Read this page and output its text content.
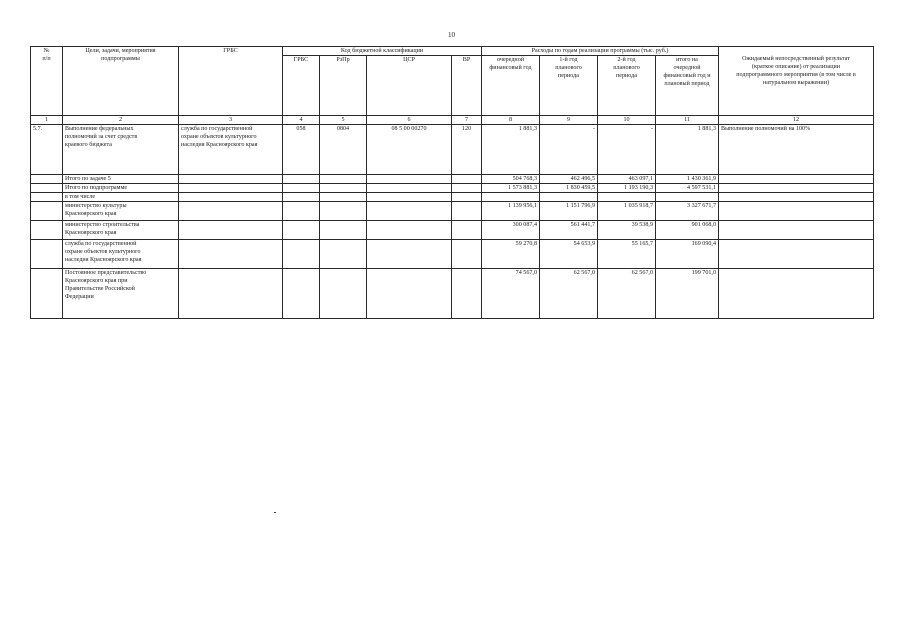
10
№
п/п	Цели, задачи, мероприятия
подпрограммы	ГРБС	Код бюджетной классификации				Расходы по годам реализации программы (тыс. руб.)				Ожидаемый непосредственный результат
(краткое описание) от реализации
подпрограммного мероприятия (в том числе в
натуральном выражении)
			ГРБС	РзПр	ЦСР	ВР	очередной
финансовый год	1-й год
планового
периода	2-й год
планового
периода	итого на
очередной
финансовый год и
плановый период	
1	2	3	4	5	6	7	8	9	10	11	12
5.7.	Выполнение федеральных
полномочий за счет средств
краевого бюджета	служба по государственной
охране объектов культурного
наследия Красноярского края	058	0804	08 5 00 00270	120	1 881,3	-	-	1 881,3	Выполнение полномочий на 100%
	Итого по задаче 5						504 768,3	462 496,5	463 097,1	1 430 361,9	
	Итого по подпрограмме						1 573 881,3	1 830 459,5	1 193 190,3	4 597 531,1	
	в том числе										
	министерство культуры
Красноярского края						1 139 956,1	1 151 796,9	1 035 918,7	3 327 671,7	
	министерство строительства
Красноярского края						300 087,4	561 441,7	39 538,9	901 068,0	
	служба по государственной
охране объектов культурного
наследия Красноярского края						59 270,8	54 653,9	55 165,7	169 090,4	
	Постоянное представительство
Красноярского края при
Правительстве Российской
Федерации						74 567,0	62 567,0	62 567,0	199 701,0	
